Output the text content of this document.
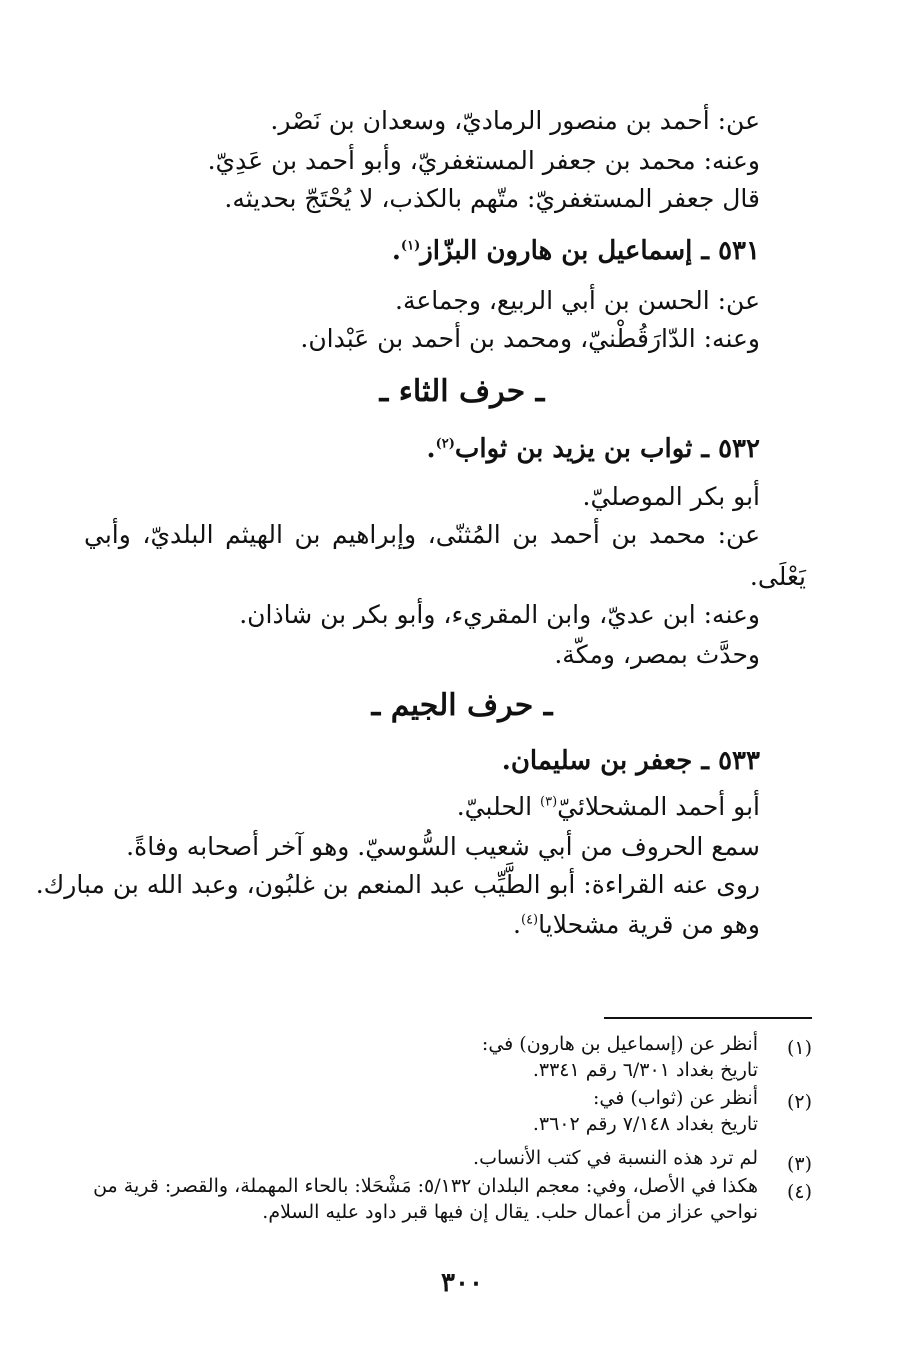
عن: أحمد بن منصور الرماديّ، وسعدان بن نَصْر.
وعنه: محمد بن جعفر المستغفريّ، وأبو أحمد بن عَدِيّ.
قال جعفر المستغفريّ: متّهم بالكذب، لا يُحْتَجّ بحديثه.
٥٣١ ـ إسماعيل بن هارون البزّاز$^{(١)}$.
عن: الحسن بن أبي الربيع، وجماعة.
وعنه: الدّارَقُطْنيّ، ومحمد بن أحمد بن عَبْدان.
ـ حرف الثاء ـ
٥٣٢ ـ ثواب بن يزيد بن ثواب$^{(٢)}$.
أبو بكر الموصليّ.
عن: محمد بن أحمد بن المُثنّى، وإبراهيم بن الهيثم البلديّ، وأبي
يَعْلَى.
وعنه: ابن عديّ، وابن المقريء، وأبو بكر بن شاذان.
وحدَّث بمصر، ومكّة.
ـ حرف الجيم ـ
٥٣٣ ـ جعفر بن سليمان.
أبو أحمد المشحلائيّ$^{(٣)}$ الحلبيّ.
سمع الحروف من أبي شعيب السُّوسيّ. وهو آخر أصحابه وفاةً.
روى عنه القراءة: أبو الطَّيِّب عبد المنعم بن غلبُون، وعبد الله بن مبارك.
وهو من قرية مشحلايا$^{(٤)}$.
(١)
أنظر عن (إسماعيل بن هارون) في:
تاريخ بغداد ٦/٣٠١ رقم ٣٣٤١.
(٢)
أنظر عن (ثواب) في:
تاريخ بغداد ٧/١٤٨ رقم ٣٦٠٢.
(٣)
لم ترد هذه النسبة في كتب الأنساب.
(٤)
هكذا في الأصل، وفي: معجم البلدان ٥/١٣٢: مَشْحَلا: بالحاء المهملة، والقصر: قرية من
نواحي عزاز من أعمال حلب. يقال إن فيها قبر داود عليه السلام.
٣٠٠
